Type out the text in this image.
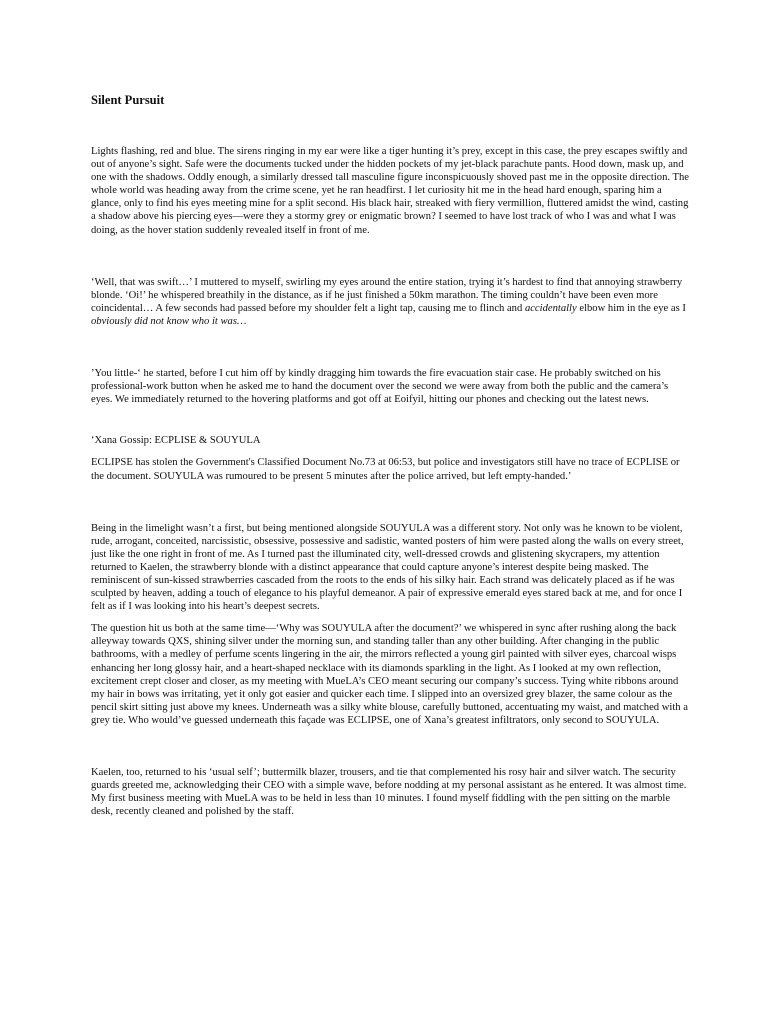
Silent Pursuit

Lights flashing, red and blue. The sirens ringing in my ear were like a tiger hunting it’s prey, except in this case, the prey escapes swiftly and out of anyone’s sight. Safe were the documents tucked under the hidden pockets of my jet-black parachute pants. Hood down, mask up, and one with the shadows. Oddly enough, a similarly dressed tall masculine figure inconspicuously shoved past me in the opposite direction. The whole world was heading away from the crime scene, yet he ran headfirst. I let curiosity hit me in the head hard enough, sparing him a glance, only to find his eyes meeting mine for a split second. His black hair, streaked with fiery vermillion, fluttered amidst the wind, casting a shadow above his piercing eyes—were they a stormy grey or enigmatic brown? I seemed to have lost track of who I was and what I was doing, as the hover station suddenly revealed itself in front of me.

‘Well, that was swift…’ I muttered to myself, swirling my eyes around the entire station, trying it’s hardest to find that annoying strawberry blonde. ‘Oi!’ he whispered breathily in the distance, as if he just finished a 50km marathon. The timing couldn’t have been even more coincidental… A few seconds had passed before my shoulder felt a light tap, causing me to flinch and accidentally elbow him in the eye as I obviously did not know who it was…

’You little-‘ he started, before I cut him off by kindly dragging him towards the fire evacuation stair case. He probably switched on his professional-work button when he asked me to hand the document over the second we were away from both the public and the camera’s eyes. We immediately returned to the hovering platforms and got off at Eoifyil, hitting our phones and checking out the latest news.

‘Xana Gossip: ECPLISE & SOUYULA

ECLIPSE has stolen the Government's Classified Document No.73 at 06:53, but police and investigators still have no trace of ECPLISE or the document. SOUYULA was rumoured to be present 5 minutes after the police arrived, but left empty-handed.’

Being in the limelight wasn’t a first, but being mentioned alongside SOUYULA was a different story. Not only was he known to be violent, rude, arrogant, conceited, narcissistic, obsessive, possessive and sadistic, wanted posters of him were pasted along the walls on every street, just like the one right in front of me. As I turned past the illuminated city, well-dressed crowds and glistening skycrapers, my attention returned to Kaelen, the strawberry blonde with a distinct appearance that could capture anyone’s interest despite being masked. The reminiscent of sun-kissed strawberries cascaded from the roots to the ends of his silky hair. Each strand was delicately placed as if he was sculpted by heaven, adding a touch of elegance to his playful demeanor. A pair of expressive emerald eyes stared back at me, and for once I felt as if I was looking into his heart’s deepest secrets.

The question hit us both at the same time—‘Why was SOUYULA after the document?’ we whispered in sync after rushing along the back alleyway towards QXS, shining silver under the morning sun, and standing taller than any other building. After changing in the public bathrooms, with a medley of perfume scents lingering in the air, the mirrors reflected a young girl painted with silver eyes, charcoal wisps enhancing her long glossy hair, and a heart-shaped necklace with its diamonds sparkling in the light. As I looked at my own reflection, excitement crept closer and closer, as my meeting with MueLA’s CEO meant securing our company’s success. Tying white ribbons around my hair in bows was irritating, yet it only got easier and quicker each time. I slipped into an oversized grey blazer, the same colour as the pencil skirt sitting just above my knees. Underneath was a silky white blouse, carefully buttoned, accentuating my waist, and matched with a grey tie. Who would’ve guessed underneath this façade was ECLIPSE, one of Xana’s greatest infiltrators, only second to SOUYULA.

Kaelen, too, returned to his ‘usual self’; buttermilk blazer, trousers, and tie that complemented his rosy hair and silver watch. The security guards greeted me, acknowledging their CEO with a simple wave, before nodding at my personal assistant as he entered. It was almost time. My first business meeting with MueLA was to be held in less than 10 minutes. I found myself fiddling with the pen sitting on the marble desk, recently cleaned and polished by the staff.
